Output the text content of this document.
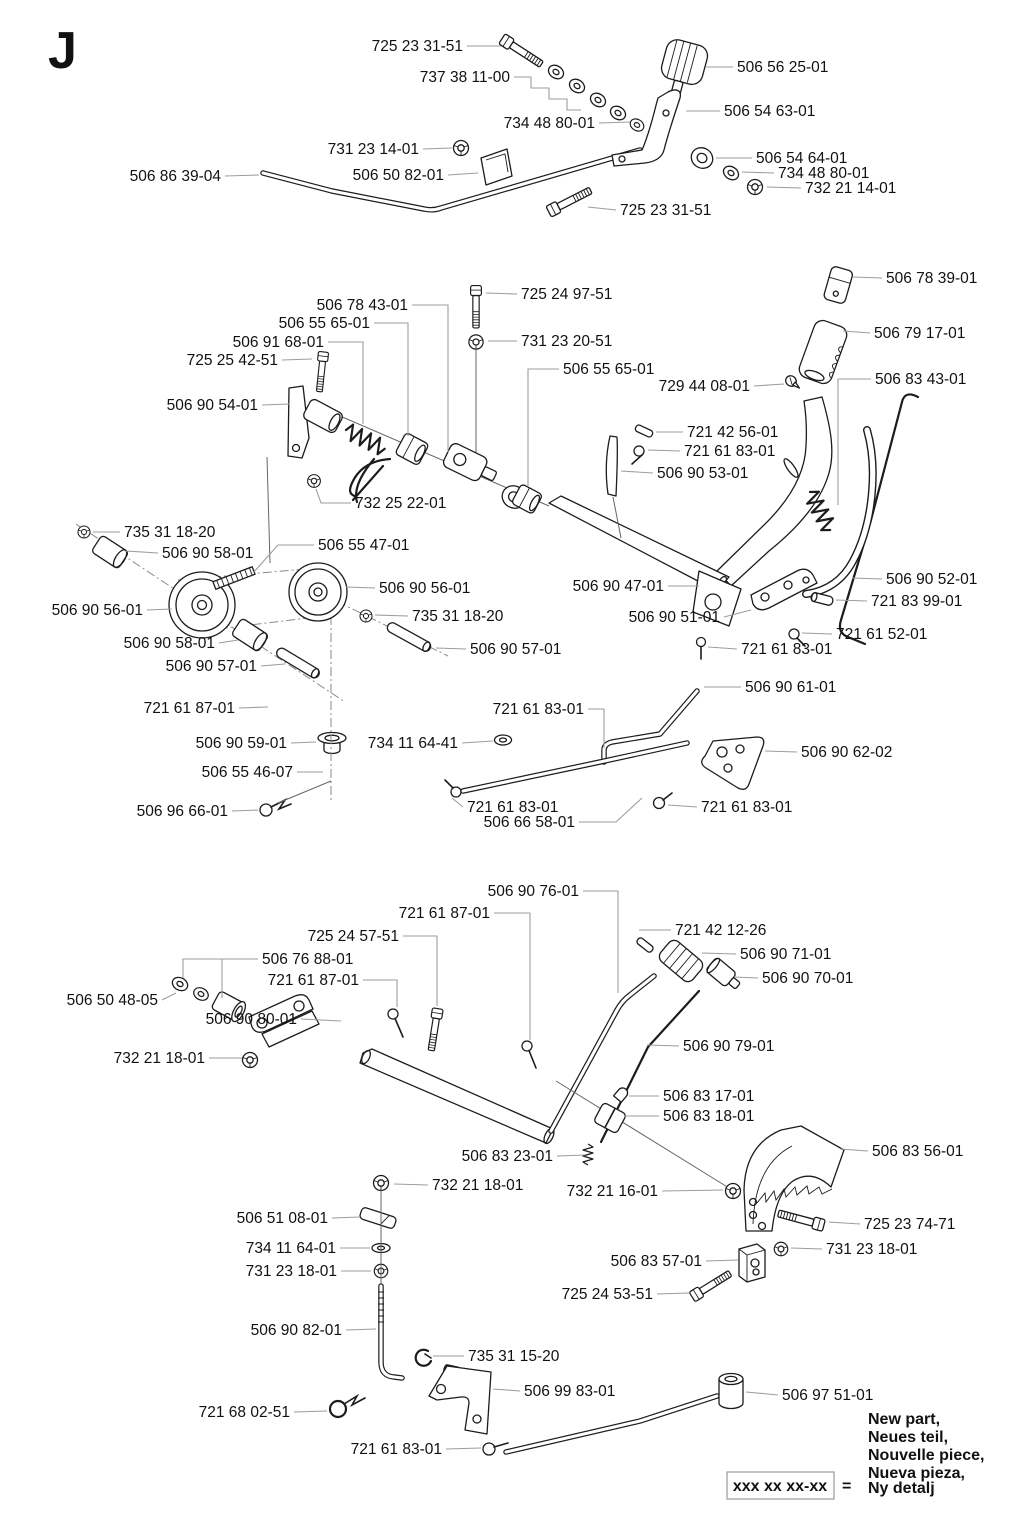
J
xxx xx xx-xx =
New part,
Neues teil,
Nouvelle piece,
Nueva pieza,
Ny detalj
725 23 31-51
737 38 11-00
506 56 25-01
506 54 63-01
734 48 80-01
731 23 14-01
506 50 82-01
506 86 39-04
506 54 64-01
734 48 80-01
732 21 14-01
725 23 31-51
725 24 97-51
506 78 43-01
506 55 65-01
506 91 68-01
725 25 42-51
731 23 20-51
506 55 65-01
729 44 08-01
506 78 39-01
506 79 17-01
506 83 43-01
506 90 54-01
721 42 56-01
721 61 83-01
506 90 53-01
732 25 22-01
735 31 18-20
506 90 58-01	506 55 47-01
506 90 56-01
735 31 18-20
506 90 56-01
506 90 58-01
506 90 57-01
506 90 57-01
506 90 47-01
506 90 51-01
506 90 52-01
721 83 99-01
721 61 52-01
721 61 83-01
506 90 61-01
721 61 87-01
506 90 59-01	734 11 64-41
721 61 83-01
506 55 46-07
506 96 66-01	721 61 83-01
506 66 58-01
506 90 62-02
721 61 83-01
506 90 76-01
721 61 87-01
725 24 57-51
506 76 88-01
721 61 87-01
506 50 48-05
506 90 80-01
732 21 18-01
721 42 12-26
506 90 71-01
506 90 70-01
506 90 79-01
506 83 17-01
506 83 18-01
506 83 23-01	506 83 56-01
732 21 16-01
725 23 74-71
732 21 18-01
506 51 08-01
734 11 64-01
731 23 18-01
731 23 18-01
506 83 57-01
725 24 53-51
506 90 82-01
735 31 15-20
506 99 83-01
721 68 02-51
721 61 83-01
506 97 51-01
